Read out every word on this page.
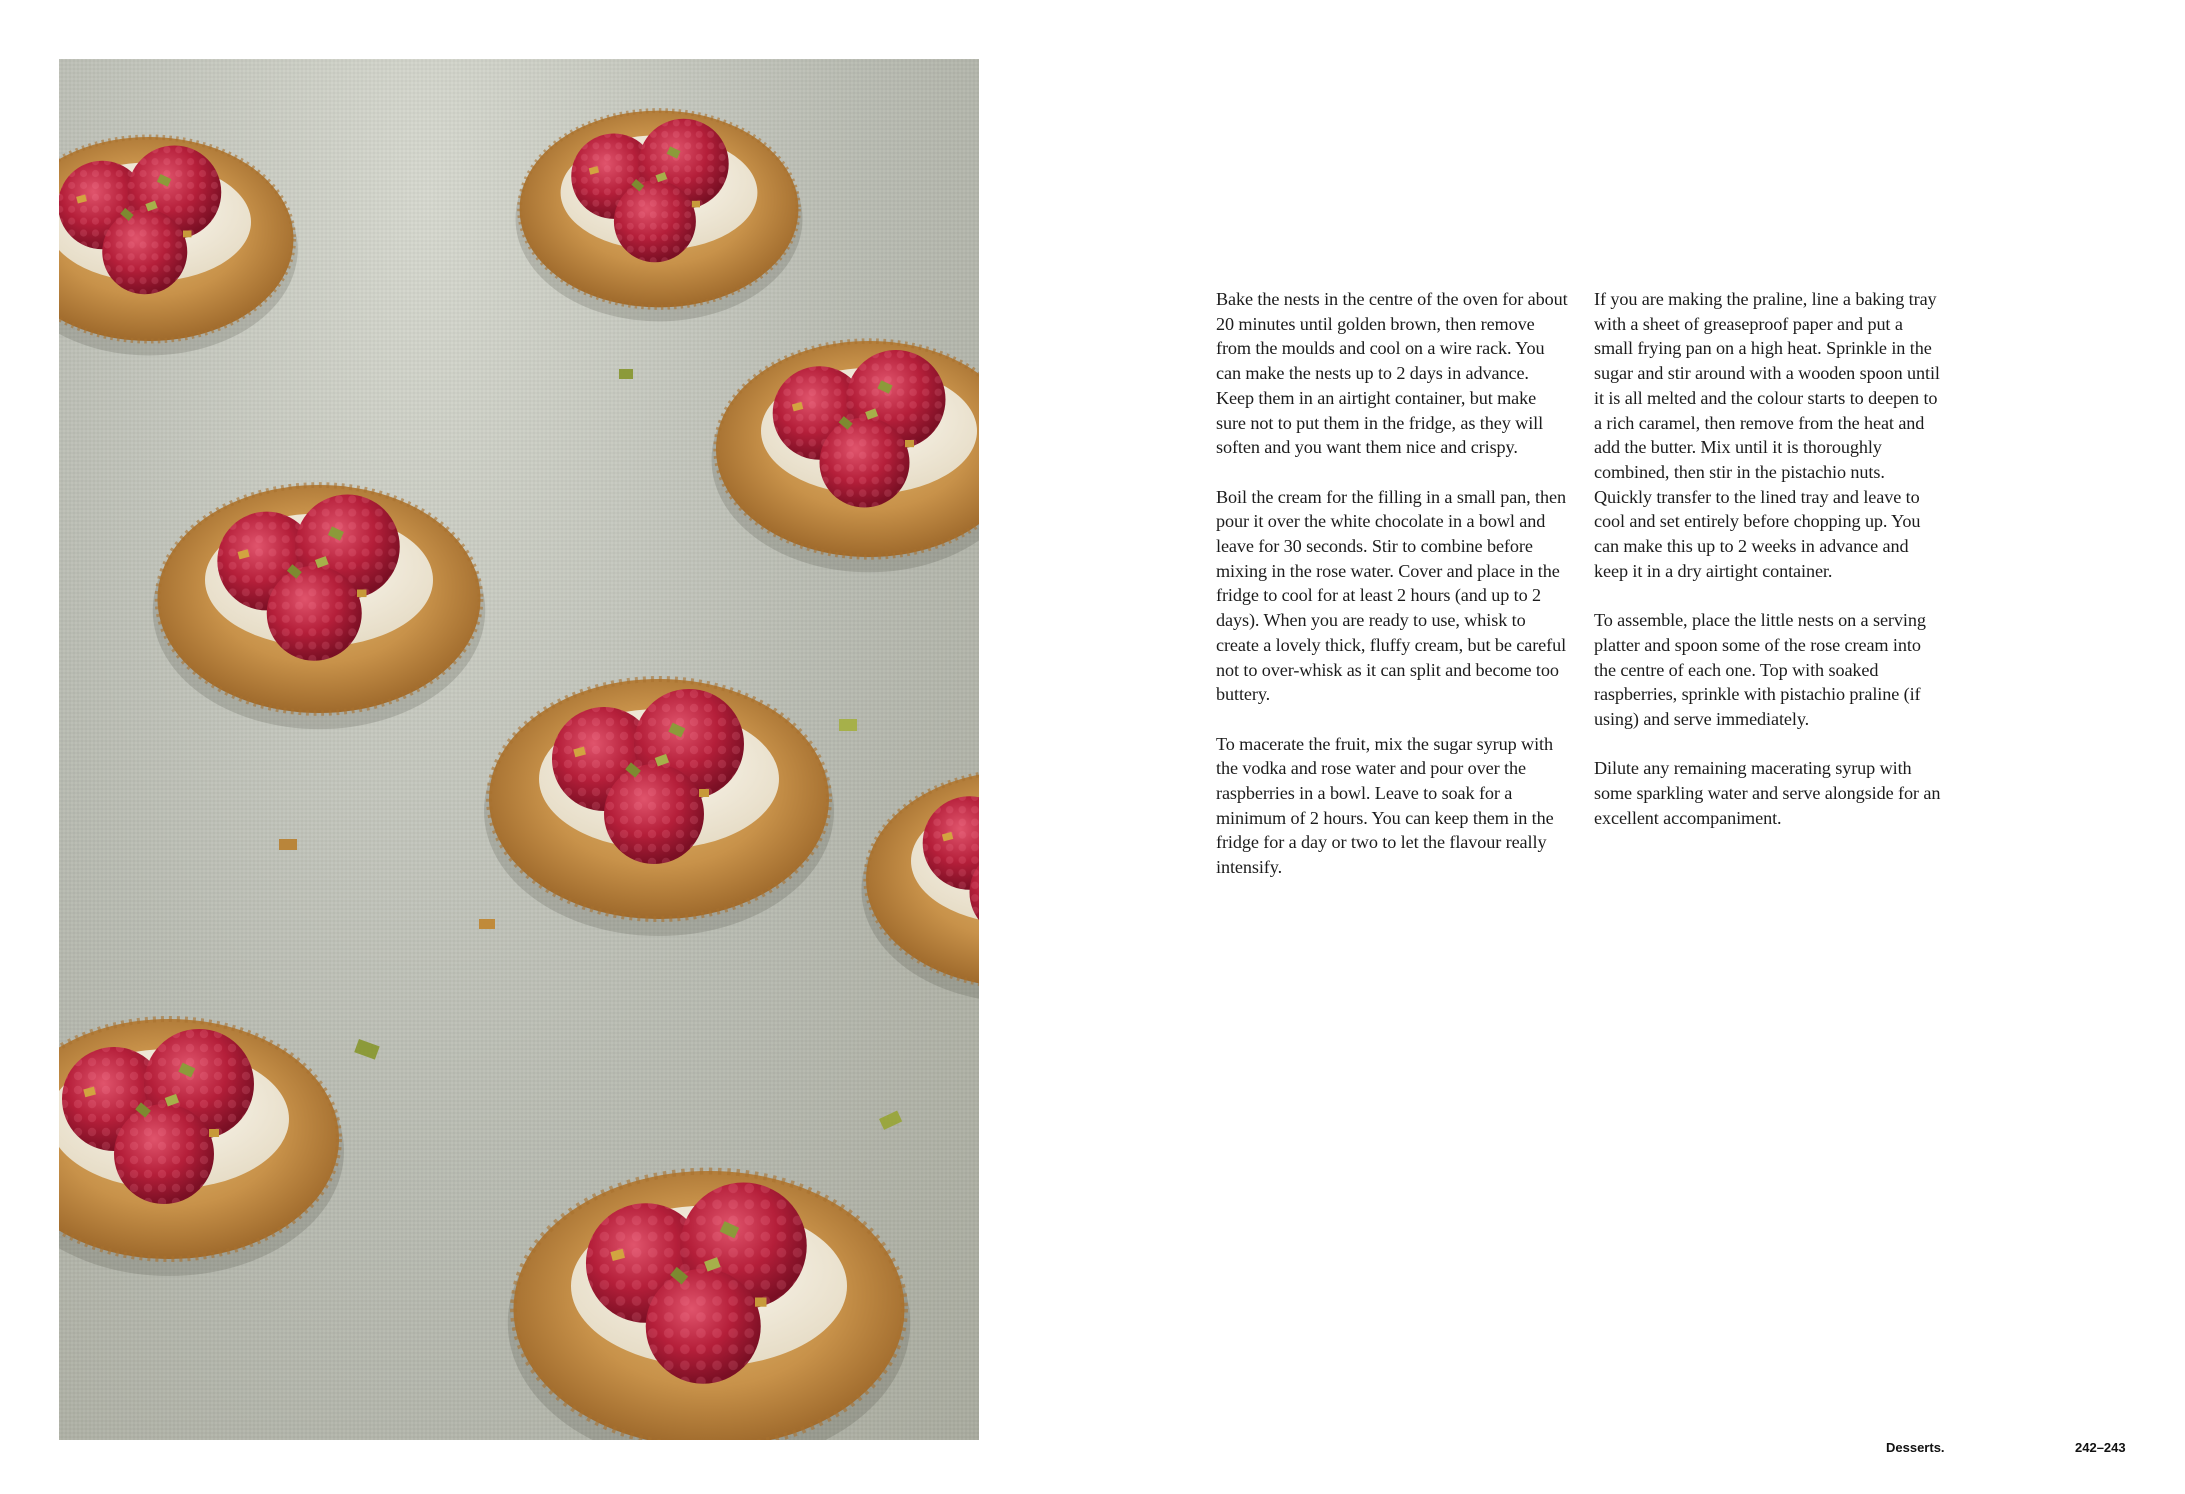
Bake the nests in the centre of the oven for about 20 minutes until golden brown, then remove from the moulds and cool on a wire rack. You can make the nests up to 2 days in advance. Keep them in an airtight container, but make sure not to put them in the fridge, as they will soften and you want them nice and crispy.

Boil the cream for the filling in a small pan, then pour it over the white chocolate in a bowl and leave for 30 seconds. Stir to combine before mixing in the rose water. Cover and place in the fridge to cool for at least 2 hours (and up to 2 days). When you are ready to use, whisk to create a lovely thick, fluffy cream, but be careful not to over-whisk as it can split and become too buttery.

To macerate the fruit, mix the sugar syrup with the vodka and rose water and pour over the raspberries in a bowl. Leave to soak for a minimum of 2 hours. You can keep them in the fridge for a day or two to let the flavour really intensify.

If you are making the praline, line a baking tray with a sheet of greaseproof paper and put a small frying pan on a high heat. Sprinkle in the sugar and stir around with a wooden spoon until it is all melted and the colour starts to deepen to a rich caramel, then remove from the heat and add the butter. Mix until it is thoroughly combined, then stir in the pistachio nuts. Quickly transfer to the lined tray and leave to cool and set entirely before chopping up. You can make this up to 2 weeks in advance and keep it in a dry airtight container.

To assemble, place the little nests on a serving platter and spoon some of the rose cream into the centre of each one. Top with soaked raspberries, sprinkle with pistachio praline (if using) and serve immediately.

Dilute any remaining macerating syrup with some sparkling water and serve alongside for an excellent accompaniment.

Desserts.	242–243
